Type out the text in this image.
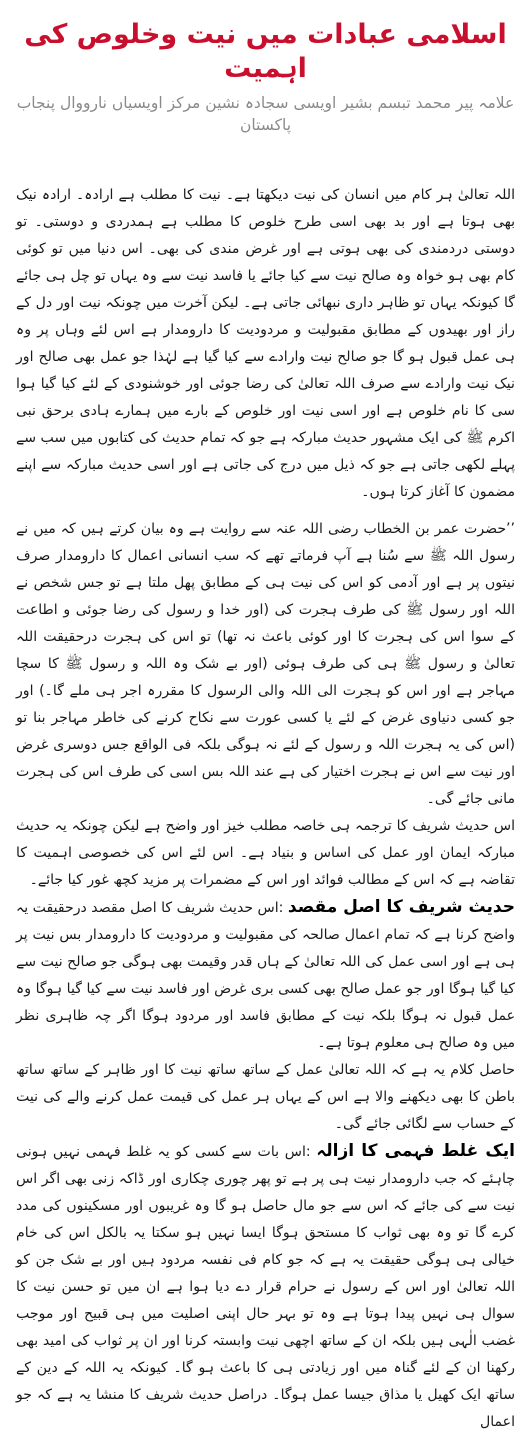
اسلامی عبادات میں نیت وخلوص کی اہمیت
علامہ پیر محمد تبسم بشیر اویسی سجادہ نشین مرکز اویسیاں نارووال پنجاب پاکستان

اللہ تعالیٰ ہر کام میں انسان کی نیت دیکھتا ہے۔ نیت کا مطلب ہے ارادہ۔ ارادہ نیک بھی ہوتا ہے اور بد بھی اسی طرح خلوص کا مطلب ہے ہمدردی و دوستی۔ تو دوستی دردمندی کی بھی ہوتی ہے اور غرض مندی کی بھی۔ اس دنیا میں تو کوئی کام بھی ہو خواہ وہ صالح نیت سے کیا جائے یا فاسد نیت سے وہ یہاں تو چل ہی جائے گا کیونکہ یہاں تو ظاہر داری نبھائی جاتی ہے۔ لیکن آخرت میں چونکہ نیت اور دل کے راز اور بھیدوں کے مطابق مقبولیت و مردودیت کا دارومدار ہے اس لئے وہاں پر وہ ہی عمل قبول ہو گا جو صالح نیت وارادے سے کیا گیا ہے لہٰذا جو عمل بھی صالح اور نیک نیت وارادے سے صرف اللہ تعالیٰ کی رضا جوئی اور خوشنودی کے لئے کیا گیا ہوا سی کا نام خلوص ہے اور اسی نیت اور خلوص کے بارے میں ہمارے ہادی برحق نبی اکرم ﷺ کی ایک مشہور حدیث مبارکہ ہے جو کہ تمام حدیث کی کتابوں میں سب سے پہلے لکھی جاتی ہے جو کہ ذیل میں درج کی جاتی ہے اور اسی حدیث مبارکہ سے اپنے مضمون کا آغاز کرتا ہوں۔

’’حضرت عمر بن الخطاب رضی اللہ عنہ سے روایت ہے وہ بیان کرتے ہیں کہ میں نے رسول اللہ ﷺ سے سُنا ہے آپ فرماتے تھے کہ سب انسانی اعمال کا دارومدار صرف نیتوں پر ہے اور آدمی کو اس کی نیت ہی کے مطابق پھل ملتا ہے تو جس شخص نے اللہ اور رسول ﷺ کی طرف ہجرت کی (اور خدا و رسول کی رضا جوئی و اطاعت کے سوا اس کی ہجرت کا اور کوئی باعث نہ تھا) تو اس کی ہجرت درحقیقت اللہ تعالیٰ و رسول ﷺ ہی کی طرف ہوئی (اور بے شک وہ اللہ و رسول ﷺ کا سچا مہاجر ہے اور اس کو ہجرت الی اللہ والی الرسول کا مقررہ اجر ہی ملے گا۔) اور جو کسی دنیاوی غرض کے لئے یا کسی عورت سے نکاح کرنے کی خاطر مہاجر بنا تو (اس کی یہ ہجرت اللہ و رسول کے لئے نہ ہوگی بلکہ فی الواقع جس دوسری غرض اور نیت سے اس نے ہجرت اختیار کی ہے عند اللہ بس اسی کی طرف اس کی ہجرت مانی جائے گی۔

اس حدیث شریف کا ترجمہ ہی خاصہ مطلب خیز اور واضح ہے لیکن چونکہ یہ حدیث مبارکہ ایمان اور عمل کی اساس و بنیاد ہے۔ اس لئے اس کی خصوصی اہمیت کا تقاضہ ہے کہ اس کے مطالب فوائد اور اس کے مضمرات پر مزید کچھ غور کیا جائے۔

حدیث شریف کا اصل مقصد :اس حدیث شریف کا اصل مقصد درحقیقت یہ واضح کرنا ہے کہ تمام اعمال صالحہ کی مقبولیت و مردودیت کا دارومدار بس نیت پر ہی ہے اور اسی عمل کی اللہ تعالیٰ کے ہاں قدر وقیمت بھی ہوگی جو صالح نیت سے کیا گیا ہوگا اور جو عمل صالح بھی کسی بری غرض اور فاسد نیت سے کیا گیا ہوگا وہ عمل قبول نہ ہوگا بلکہ نیت کے مطابق فاسد اور مردود ہوگا اگر چہ ظاہری نظر میں وہ صالح ہی معلوم ہوتا ہے۔

حاصل کلام یہ ہے کہ اللہ تعالیٰ عمل کے ساتھ ساتھ نیت کا اور ظاہر کے ساتھ ساتھ باطن کا بھی دیکھنے والا ہے اس کے یہاں ہر عمل کی قیمت عمل کرنے والے کی نیت کے حساب سے لگائی جائے گی۔

ایک غلط فہمی کا ازالہ :اس بات سے کسی کو یہ غلط فہمی نہیں ہونی چاہئے کہ جب دارومدار نیت ہی پر ہے تو پھر چوری چکاری اور ڈاکہ زنی بھی اگر اس نیت سے کی جائے کہ اس سے جو مال حاصل ہو گا وہ غریبوں اور مسکینوں کی مدد کرے گا تو وہ بھی ثواب کا مستحق ہوگا ایسا نہیں ہو سکتا یہ بالکل اس کی خام خیالی ہی ہوگی حقیقت یہ ہے کہ جو کام فی نفسہ مردود ہیں اور بے شک جن کو اللہ تعالیٰ اور اس کے رسول نے حرام قرار دے دیا ہوا ہے ان میں تو حسن نیت کا سوال ہی نہیں پیدا ہوتا ہے وہ تو بہر حال اپنی اصلیت میں ہی قبیح اور موجب غضب الٰہی ہیں بلکہ ان کے ساتھ اچھی نیت وابستہ کرنا اور ان پر ثواب کی امید بھی رکھنا ان کے لئے گناہ میں اور زیادتی ہی کا باعث ہو گا۔ کیونکہ یہ اللہ کے دین کے ساتھ ایک کھیل یا مذاق جیسا عمل ہوگا۔ دراصل حدیث شریف کا منشا یہ ہے کہ جو اعمال
